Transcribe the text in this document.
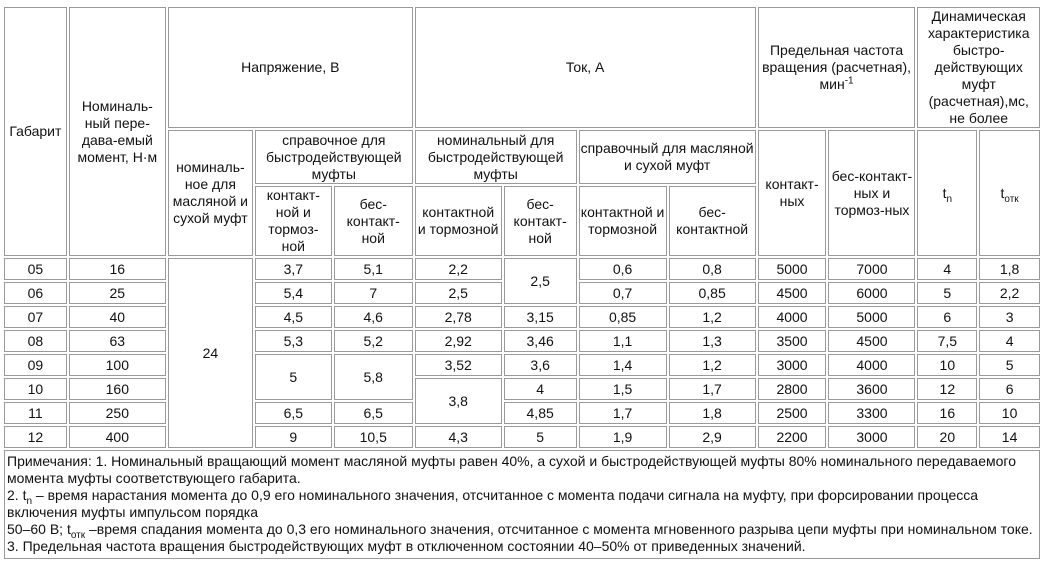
Габарит	Номиналь-ный пере-дава-емый момент, Н·м	Напряжение, В			Ток, А				Предельная частота вращения (расчетная), мин$^{-1}$		Динамическая характеристика быстро-действующих муфт (расчетная),мс, не более	
		номиналь-ное для масляной и сухой муфт	справочное для быстродействующей муфты		номинальный для быстродействующей муфты		справочный для масляной и сухой муфт		контакт-ных	бес-контакт-ных и тормоз-ных	$t_n$	$t_{отк}$
			контакт-ной и тормоз-ной	бес-контакт-ной	контактной и тормозной	бес-контакт-ной	контактной и тормозной	бес-контактной				
05	16	24	3,7	5,1	2,2	2,5	0,6	0,8	5000	7000	4	1,8
06	25		5,4	7	2,5		0,7	0,85	4500	6000	5	2,2
07	40		4,5	4,6	2,78	3,15	0,85	1,2	4000	5000	6	3
08	63		5,3	5,2	2,92	3,46	1,1	1,3	3500	4500	7,5	4
09	100		5	5,8	3,52	3,6	1,4	1,2	3000	4000	10	5
10	160				3,8	4	1,5	1,7	2800	3600	12	6
11	250		6,5	6,5		4,85	1,7	1,8	2500	3300	16	10
12	400		9	10,5	4,3	5	1,9	2,9	2200	3000	20	14

Примечания: 1. Номинальный вращающий момент масляной муфты равен 40%, а сухой и быстродействующей муфты 80% номинального передаваемого момента муфты соответствующего габарита.
2. $t_n$ – время нарастания момента до 0,9 его номинального значения, отсчитанное с момента подачи сигнала на муфту, при форсировании процесса включения муфты импульсом порядка
50–60 В; $t_{отк}$ –время спадания момента до 0,3 его номинального значения, отсчитанное с момента мгновенного разрыва цепи муфты при номинальном токе.
3. Предельная частота вращения быстродействующих муфт в отключенном состоянии 40–50% от приведенных значений.												
